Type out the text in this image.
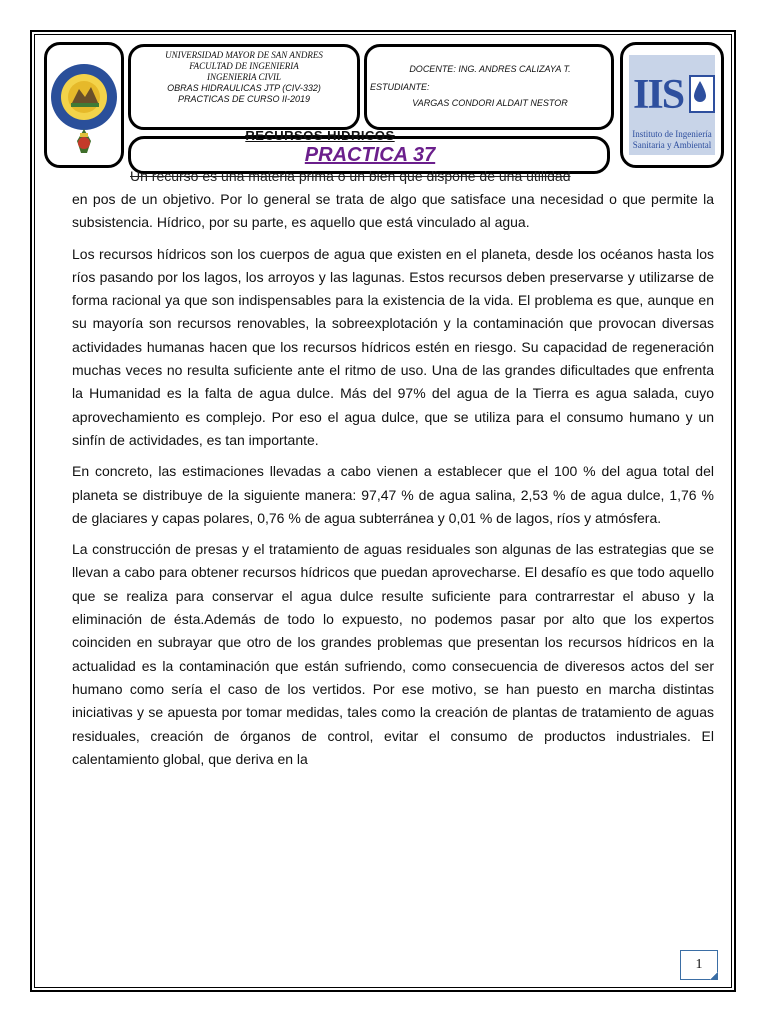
UNIVERSIDAD MAYOR DE SAN ANDRES
FACULTAD DE INGENIERIA
INGENIERIA CIVIL
OBRAS HIDRAULICAS JTP (CIV-332)
PRACTICAS DE CURSO II-2019
DOCENTE: ING. ANDRES CALIZAYA T.
ESTUDIANTE:
VARGAS CONDORI ALDAIT NESTOR	IIS
Instituto de Ingeniería
Sanitaria y Ambiental
RECURSOS HIDRICOS
PRACTICA 37
Un recurso es una materia prima o un bien que dispone de una utilidad

en pos de un objetivo. Por lo general se trata de algo que satisface una necesidad o que permite la subsistencia. Hídrico, por su parte, es aquello que está vinculado al agua.

Los recursos hídricos son los cuerpos de agua que existen en el planeta, desde los océanos hasta los ríos pasando por los lagos, los arroyos y las lagunas. Estos recursos deben preservarse y utilizarse de forma racional ya que son indispensables para la existencia de la vida. El problema es que, aunque en su mayoría son recursos renovables, la sobreexplotación y la contaminación que provocan diversas actividades humanas hacen que los recursos hídricos estén en riesgo. Su capacidad de regeneración muchas veces no resulta suficiente ante el ritmo de uso. Una de las grandes dificultades que enfrenta la Humanidad es la falta de agua dulce. Más del 97% del agua de la Tierra es agua salada, cuyo aprovechamiento es complejo. Por eso el agua dulce, que se utiliza para el consumo humano y un sinfín de actividades, es tan importante.

En concreto, las estimaciones llevadas a cabo vienen a establecer que el 100 % del agua total del planeta se distribuye de la siguiente manera: 97,47 % de agua salina, 2,53 % de agua dulce, 1,76 % de glaciares y capas polares, 0,76 % de agua subterránea y 0,01 % de lagos, ríos y atmósfera.

La construcción de presas y el tratamiento de aguas residuales son algunas de las estrategias que se llevan a cabo para obtener recursos hídricos que puedan aprovecharse. El desafío es que todo aquello que se realiza para conservar el agua dulce resulte suficiente para contrarrestar el abuso y la eliminación de ésta.Además de todo lo expuesto, no podemos pasar por alto que los expertos coinciden en subrayar que otro de los grandes problemas que presentan los recursos hídricos en la actualidad es la contaminación que están sufriendo, como consecuencia de diveresos actos del ser humano como sería el caso de los vertidos. Por ese motivo, se han puesto en marcha distintas iniciativas y se apuesta por tomar medidas, tales como la creación de plantas de tratamiento de aguas residuales, creación de órganos de control, evitar el consumo de productos industriales. El calentamiento global, que deriva en la

1
